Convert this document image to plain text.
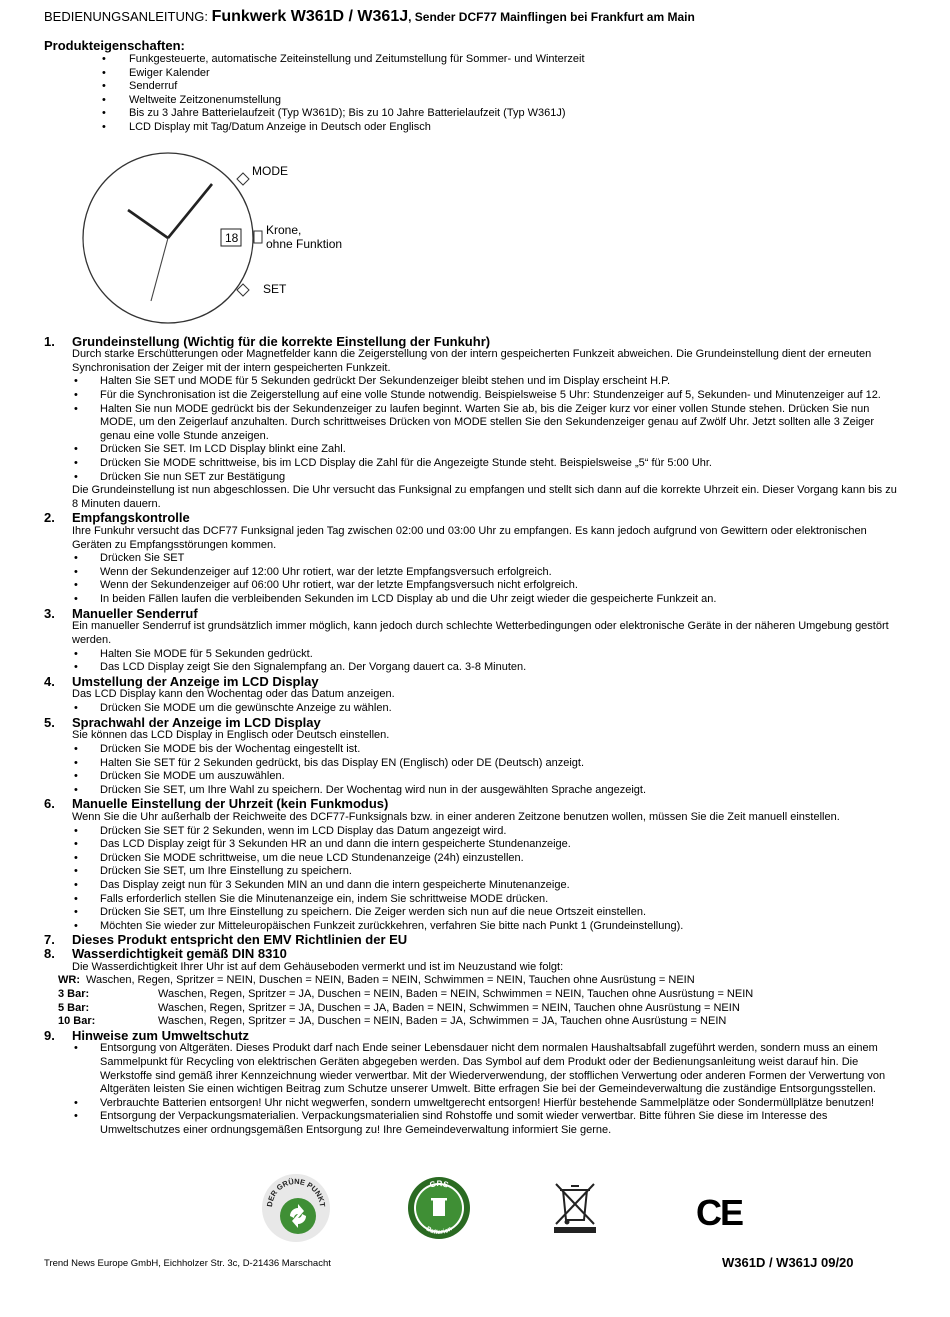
BEDIENUNGSANLEITUNG: Funkwerk W361D / W361J, Sender DCF77 Mainflingen bei Frankfurt am Main
Produkteigenschaften:
• Funkgesteuerte, automatische Zeiteinstellung und Zeitumstellung für Sommer- und Winterzeit
• Ewiger Kalender
• Senderruf
• Weltweite Zeitzonenumstellung
• Bis zu 3 Jahre Batterielaufzeit (Typ W361D); Bis zu 10 Jahre Batterielaufzeit (Typ W361J)
• LCD Display mit Tag/Datum Anzeige in Deutsch oder Englisch
MODE
18
Krone,
ohne Funktion
SET
1. Grundeinstellung (Wichtig für die korrekte Einstellung der Funkuhr)
Durch starke Erschütterungen oder Magnetfelder kann die Zeigerstellung von der intern gespeicherten Funkzeit abweichen. Die Grundeinstellung dient der erneuten Synchronisation der Zeiger mit der intern gespeicherten Funkzeit.
• Halten Sie SET und MODE für 5 Sekunden gedrückt Der Sekundenzeiger bleibt stehen und im Display erscheint H.P.
• Für die Synchronisation ist die Zeigerstellung auf eine volle Stunde notwendig. Beispielsweise 5 Uhr: Stundenzeiger auf 5, Sekunden- und Minutenzeiger auf 12.
• Halten Sie nun MODE gedrückt bis der Sekundenzeiger zu laufen beginnt. Warten Sie ab, bis die Zeiger kurz vor einer vollen Stunde stehen. Drücken Sie nun MODE, um den Zeigerlauf anzuhalten. Durch schrittweises Drücken von MODE stellen Sie den Sekundenzeiger genau auf Zwölf Uhr. Jetzt sollten alle 3 Zeiger genau eine volle Stunde anzeigen.
• Drücken Sie SET. Im LCD Display blinkt eine Zahl.
• Drücken Sie MODE schrittweise, bis im LCD Display die Zahl für die Angezeigte Stunde steht. Beispielsweise „5“ für 5:00 Uhr.
• Drücken Sie nun SET zur Bestätigung
Die Grundeinstellung ist nun abgeschlossen. Die Uhr versucht das Funksignal zu empfangen und stellt sich dann auf die korrekte Uhrzeit ein. Dieser Vorgang kann bis zu 8 Minuten dauern.
2. Empfangskontrolle
Ihre Funkuhr versucht das DCF77 Funksignal jeden Tag zwischen 02:00 und 03:00 Uhr zu empfangen. Es kann jedoch aufgrund von Gewittern oder elektronischen Geräten zu Empfangsstörungen kommen.
• Drücken Sie SET
• Wenn der Sekundenzeiger auf 12:00 Uhr rotiert, war der letzte Empfangsversuch erfolgreich.
• Wenn der Sekundenzeiger auf 06:00 Uhr rotiert, war der letzte Empfangsversuch nicht erfolgreich.
• In beiden Fällen laufen die verbleibenden Sekunden im LCD Display ab und die Uhr zeigt wieder die gespeicherte Funkzeit an.
3. Manueller Senderruf
Ein manueller Senderruf ist grundsätzlich immer möglich, kann jedoch durch schlechte Wetterbedingungen oder elektronische Geräte in der näheren Umgebung gestört werden.
• Halten Sie MODE für 5 Sekunden gedrückt.
• Das LCD Display zeigt Sie den Signalempfang an. Der Vorgang dauert ca. 3-8 Minuten.
4. Umstellung der Anzeige im LCD Display
Das LCD Display kann den Wochentag oder das Datum anzeigen.
• Drücken Sie MODE um die gewünschte Anzeige zu wählen.
5. Sprachwahl der Anzeige im LCD Display
Sie können das LCD Display in Englisch oder Deutsch einstellen.
• Drücken Sie MODE bis der Wochentag eingestellt ist.
• Halten Sie SET für 2 Sekunden gedrückt, bis das Display EN (Englisch) oder DE (Deutsch) anzeigt.
• Drücken Sie MODE um auszuwählen.
• Drücken Sie SET, um Ihre Wahl zu speichern. Der Wochentag wird nun in der ausgewählten Sprache angezeigt.
6. Manuelle Einstellung der Uhrzeit (kein Funkmodus)
Wenn Sie die Uhr außerhalb der Reichweite des DCF77-Funksignals bzw. in einer anderen Zeitzone benutzen wollen, müssen Sie die Zeit manuell einstellen.
• Drücken Sie SET für 2 Sekunden, wenn im LCD Display das Datum angezeigt wird.
• Das LCD Display zeigt für 3 Sekunden HR an und dann die intern gespeicherte Stundenanzeige.
• Drücken Sie MODE schrittweise, um die neue LCD Stundenanzeige (24h) einzustellen.
• Drücken Sie SET, um Ihre Einstellung zu speichern.
• Das Display zeigt nun für 3 Sekunden MIN an und dann die intern gespeicherte Minutenanzeige.
• Falls erforderlich stellen Sie die Minutenanzeige ein, indem Sie schrittweise MODE drücken.
• Drücken Sie SET, um Ihre Einstellung zu speichern. Die Zeiger werden sich nun auf die neue Ortszeit einstellen.
• Möchten Sie wieder zur Mitteleuropäischen Funkzeit zurückkehren, verfahren Sie bitte nach Punkt 1 (Grundeinstellung).
7. Dieses Produkt entspricht den EMV Richtlinien der EU
8. Wasserdichtigkeit gemäß DIN 8310
Die Wasserdichtigkeit Ihrer Uhr ist auf dem Gehäuseboden vermerkt und ist im Neuzustand wie folgt:
WR: Waschen, Regen, Spritzer = NEIN, Duschen = NEIN, Baden = NEIN, Schwimmen = NEIN, Tauchen ohne Ausrüstung = NEIN
3 Bar:	Waschen, Regen, Spritzer = JA, Duschen = NEIN, Baden = NEIN, Schwimmen = NEIN, Tauchen ohne Ausrüstung = NEIN
5 Bar:	Waschen, Regen, Spritzer = JA, Duschen = JA, Baden = NEIN, Schwimmen = NEIN, Tauchen ohne Ausrüstung = NEIN
10 Bar:	Waschen, Regen, Spritzer = JA, Duschen = NEIN, Baden = JA, Schwimmen = JA, Tauchen ohne Ausrüstung = NEIN
9. Hinweise zum Umweltschutz
• Entsorgung von Altgeräten. Dieses Produkt darf nach Ende seiner Lebensdauer nicht dem normalen Haushaltsabfall zugeführt werden, sondern muss an einem Sammelpunkt für Recycling von elektrischen Geräten abgegeben werden. Das Symbol auf dem Produkt oder der Bedienungsanleitung weist darauf hin. Die Werkstoffe sind gemäß ihrer Kennzeichnung wieder verwertbar. Mit der Wiederverwendung, der stofflichen Verwertung oder anderen Formen der Verwertung von Altgeräten leisten Sie einen wichtigen Beitrag zum Schutze unserer Umwelt. Bitte erfragen Sie bei der Gemeindeverwaltung die zuständige Entsorgungsstellen.
• Verbrauchte Batterien entsorgen! Uhr nicht wegwerfen, sondern umweltgerecht entsorgen! Hierfür bestehende Sammelplätze oder Sondermüllplätze benutzen!
• Entsorgung der Verpackungsmaterialien. Verpackungsmaterialien sind Rohstoffe und somit wieder verwertbar. Bitte führen Sie diese im Interesse des Umweltschutzes einer ordnungsgemäßen Entsorgung zu! Ihre Gemeindeverwaltung informiert Sie gerne.
DER GRÜNE PUNKT
GRS
Batterien	CE
Trend News Europe GmbH, Eichholzer Str. 3c, D-21436 Marschacht	W361D / W361J 09/20
